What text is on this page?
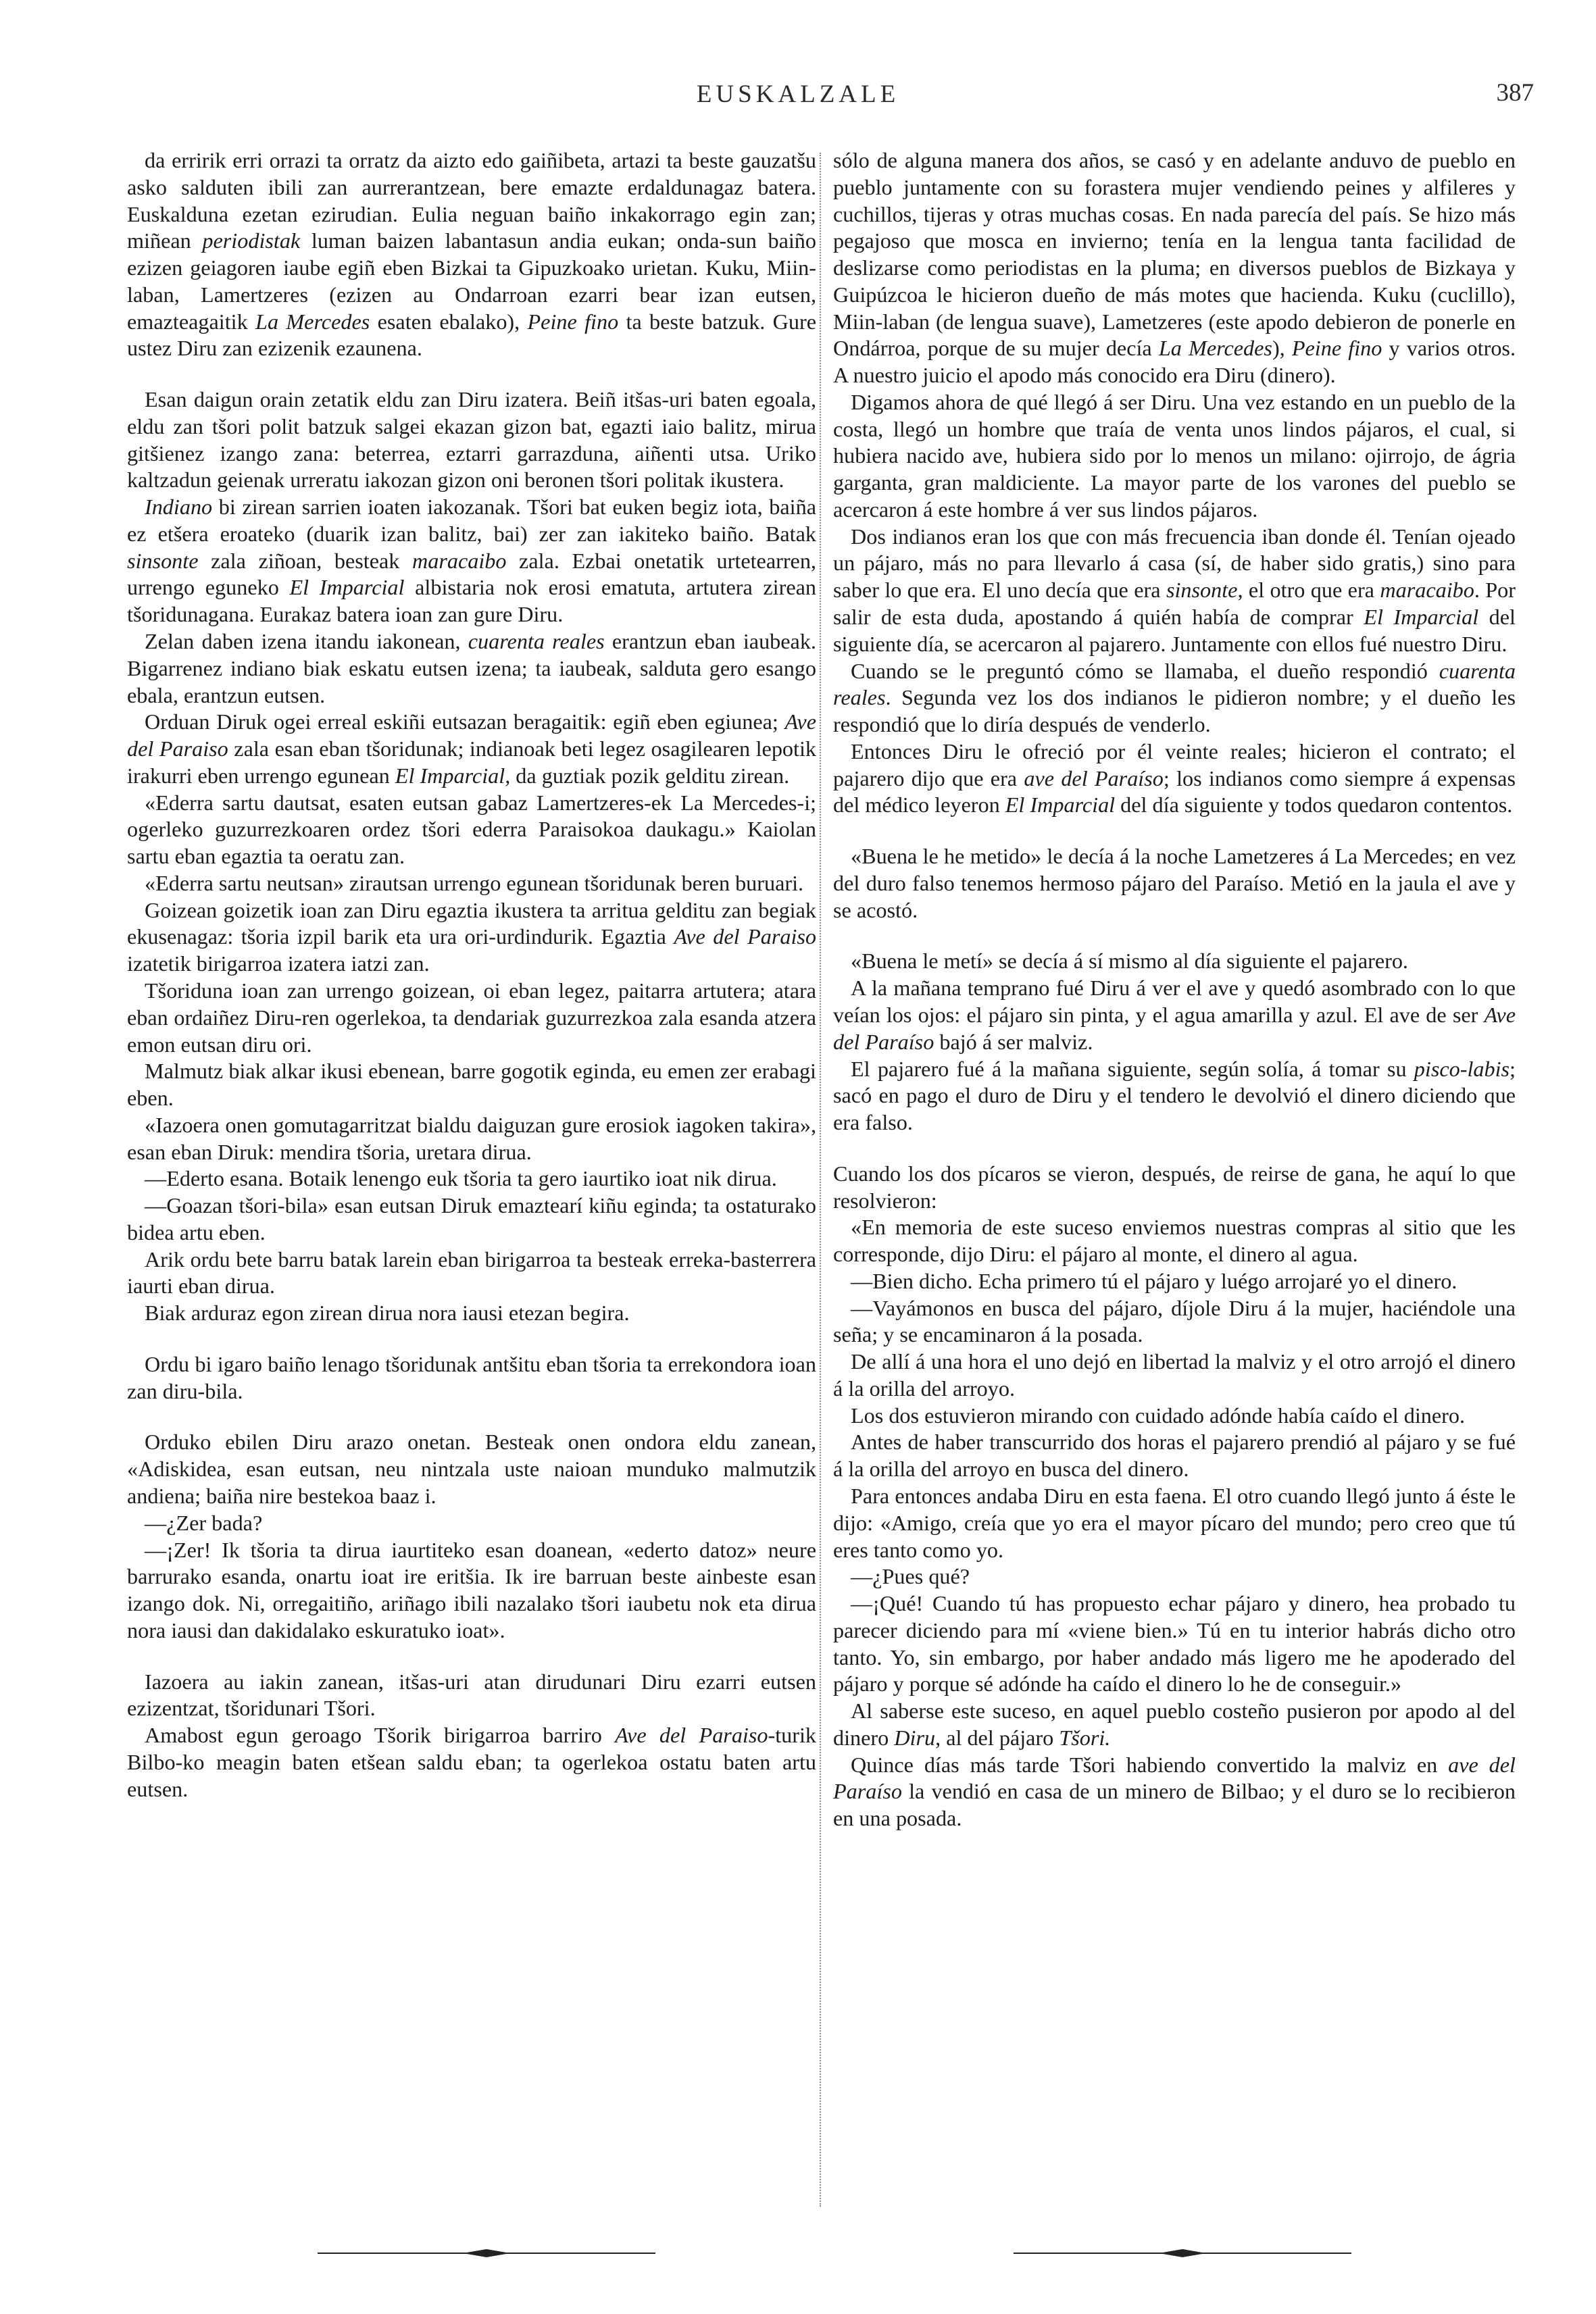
EUSKALZALE	387

da erririk erri orrazi ta orratz da aizto edo gaiñibeta, artazi ta beste gauzatšu asko salduten ibili zan aurrerantzean, bere emazte erdaldunagaz batera. Euskalduna ezetan ezirudian. Eulia neguan baiño inkakorrago egin zan; miñean periodistak luman baizen labantasun andia eukan; onda-sun baiño ezizen geiagoren iaube egiñ eben Bizkai ta Gipuzkoako urietan. Kuku, Miin-laban, Lamertzeres (ezizen au Ondarroan ezarri bear izan eutsen, emazteagaitik La Mercedes esaten ebalako), Peine fino ta beste batzuk. Gure ustez Diru zan ezizenik ezaunena.

Esan daigun orain zetatik eldu zan Diru izatera. Beiñ itšas-uri baten egoala, eldu zan tšori polit batzuk salgei ekazan gizon bat, egazti iaio balitz, mirua gitšienez izango zana: beterrea, eztarri garrazduna, aiñenti utsa. Uriko kaltzadun geienak urreratu iakozan gizon oni beronen tšori politak ikustera.

Indiano bi zirean sarrien ioaten iakozanak. Tšori bat euken begiz iota, baiña ez etšera eroateko (duarik izan balitz, bai) zer zan iakiteko baiño. Batak sinsonte zala ziñoan, besteak maracaibo zala. Ezbai onetatik urtetearren, urrengo eguneko El Imparcial albistaria nok erosi ematuta, artutera zirean tšoridunagana. Eurakaz batera ioan zan gure Diru.

Zelan daben izena itandu iakonean, cuarenta reales erantzun eban iaubeak. Bigarrenez indiano biak eskatu eutsen izena; ta iaubeak, salduta gero esango ebala, erantzun eutsen.

Orduan Diruk ogei erreal eskiñi eutsazan beragaitik: egiñ eben egiunea; Ave del Paraiso zala esan eban tšoridunak; indianoak beti legez osagilearen lepotik irakurri eben urrengo egunean El Imparcial, da guztiak pozik gelditu zirean.

«Ederra sartu dautsat, esaten eutsan gabaz Lamertzeres-ek La Mercedes-i; ogerleko guzurrezkoaren ordez tšori ederra Paraisokoa daukagu.» Kaiolan sartu eban egaztia ta oeratu zan.

«Ederra sartu neutsan» zirautsan urrengo egunean tšoridunak beren buruari.

Goizean goizetik ioan zan Diru egaztia ikustera ta arritua gelditu zan begiak ekusenagaz: tšoria izpil barik eta ura ori-urdindurik. Egaztia Ave del Paraiso izatetik birigarroa izatera iatzi zan.

Tšoriduna ioan zan urrengo goizean, oi eban legez, paitarra artutera; atara eban ordaiñez Diru-ren ogerlekoa, ta dendariak guzurrezkoa zala esanda atzera emon eutsan diru ori.

Malmutz biak alkar ikusi ebenean, barre gogotik eginda, eu emen zer erabagi eben.

«Iazoera onen gomutagarritzat bialdu daiguzan gure erosiok iagoken takira», esan eban Diruk: mendira tšoria, uretara dirua.

—Ederto esana. Botaik lenengo euk tšoria ta gero iaurtiko ioat nik dirua.

—Goazan tšori-bila» esan eutsan Diruk emaztearí kiñu eginda; ta ostaturako bidea artu eben.

Arik ordu bete barru batak larein eban birigarroa ta besteak erreka-basterrera iaurti eban dirua.

Biak arduraz egon zirean dirua nora iausi etezan begira.

Ordu bi igaro baiño lenago tšoridunak antšitu eban tšoria ta errekondora ioan zan diru-bila.

Orduko ebilen Diru arazo onetan. Besteak onen ondora eldu zanean, «Adiskidea, esan eutsan, neu nintzala uste naioan munduko malmutzik andiena; baiña nire bestekoa baaz i.

—¿Zer bada?

—¡Zer! Ik tšoria ta dirua iaurtiteko esan doanean, «ederto datoz» neure barrurako esanda, onartu ioat ire eritšia. Ik ire barruan beste ainbeste esan izango dok. Ni, orregaitiño, ariñago ibili nazalako tšori iaubetu nok eta dirua nora iausi dan dakidalako eskuratuko ioat».

Iazoera au iakin zanean, itšas-uri atan dirudunari Diru ezarri eutsen ezizentzat, tšoridunari Tšori.

Amabost egun geroago Tšorik birigarroa barriro Ave del Paraiso-turik Bilbo-ko meagin baten etšean saldu eban; ta ogerlekoa ostatu baten artu eutsen.

sólo de alguna manera dos años, se casó y en adelante anduvo de pueblo en pueblo juntamente con su forastera mujer vendiendo peines y alfileres y cuchillos, tijeras y otras muchas cosas. En nada parecía del país. Se hizo más pegajoso que mosca en invierno; tenía en la lengua tanta facilidad de deslizarse como periodistas en la pluma; en diversos pueblos de Bizkaya y Guipúzcoa le hicieron dueño de más motes que hacienda. Kuku (cuclillo), Miin-laban (de lengua suave), Lametzeres (este apodo debieron de ponerle en Ondárroa, porque de su mujer decía La Mercedes), Peine fino y varios otros. A nuestro juicio el apodo más conocido era Diru (dinero).

Digamos ahora de qué llegó á ser Diru. Una vez estando en un pueblo de la costa, llegó un hombre que traía de venta unos lindos pájaros, el cual, si hubiera nacido ave, hubiera sido por lo menos un milano: ojirrojo, de ágria garganta, gran maldiciente. La mayor parte de los varones del pueblo se acercaron á este hombre á ver sus lindos pájaros.

Dos indianos eran los que con más frecuencia iban donde él. Tenían ojeado un pájaro, más no para llevarlo á casa (sí, de haber sido gratis,) sino para saber lo que era. El uno decía que era sinsonte, el otro que era maracaibo. Por salir de esta duda, apostando á quién había de comprar El Imparcial del siguiente día, se acercaron al pajarero. Juntamente con ellos fué nuestro Diru.

Cuando se le preguntó cómo se llamaba, el dueño respondió cuarenta reales. Segunda vez los dos indianos le pidieron nombre; y el dueño les respondió que lo diría después de venderlo.

Entonces Diru le ofreció por él veinte reales; hicieron el contrato; el pajarero dijo que era ave del Paraíso; los indianos como siempre á expensas del médico leyeron El Imparcial del día siguiente y todos quedaron contentos.

«Buena le he metido» le decía á la noche Lametzeres á La Mercedes; en vez del duro falso tenemos hermoso pájaro del Paraíso. Metió en la jaula el ave y se acostó.

«Buena le metí» se decía á sí mismo al día siguiente el pajarero.

A la mañana temprano fué Diru á ver el ave y quedó asombrado con lo que veían los ojos: el pájaro sin pinta, y el agua amarilla y azul. El ave de ser Ave del Paraíso bajó á ser malviz.

El pajarero fué á la mañana siguiente, según solía, á tomar su pisco-labis; sacó en pago el duro de Diru y el tendero le devolvió el dinero diciendo que era falso.

Cuando los dos pícaros se vieron, después, de reirse de gana, he aquí lo que resolvieron:

«En memoria de este suceso enviemos nuestras compras al sitio que les corresponde, dijo Diru: el pájaro al monte, el dinero al agua.

—Bien dicho. Echa primero tú el pájaro y luégo arrojaré yo el dinero.

—Vayámonos en busca del pájaro, díjole Diru á la mujer, haciéndole una seña; y se encaminaron á la posada.

De allí á una hora el uno dejó en libertad la malviz y el otro arrojó el dinero á la orilla del arroyo.

Los dos estuvieron mirando con cuidado adónde había caído el dinero.

Antes de haber transcurrido dos horas el pajarero prendió al pájaro y se fué á la orilla del arroyo en busca del dinero.

Para entonces andaba Diru en esta faena. El otro cuando llegó junto á éste le dijo: «Amigo, creía que yo era el mayor pícaro del mundo; pero creo que tú eres tanto como yo.

—¿Pues qué?

—¡Qué! Cuando tú has propuesto echar pájaro y dinero, hea probado tu parecer diciendo para mí «viene bien.» Tú en tu interior habrás dicho otro tanto. Yo, sin embargo, por haber andado más ligero me he apoderado del pájaro y porque sé adónde ha caído el dinero lo he de conseguir.»

Al saberse este suceso, en aquel pueblo costeño pusieron por apodo al del dinero Diru, al del pájaro Tšori.

Quince días más tarde Tšori habiendo convertido la malviz en ave del Paraíso la vendió en casa de un minero de Bilbao; y el duro se lo recibieron en una posada.
